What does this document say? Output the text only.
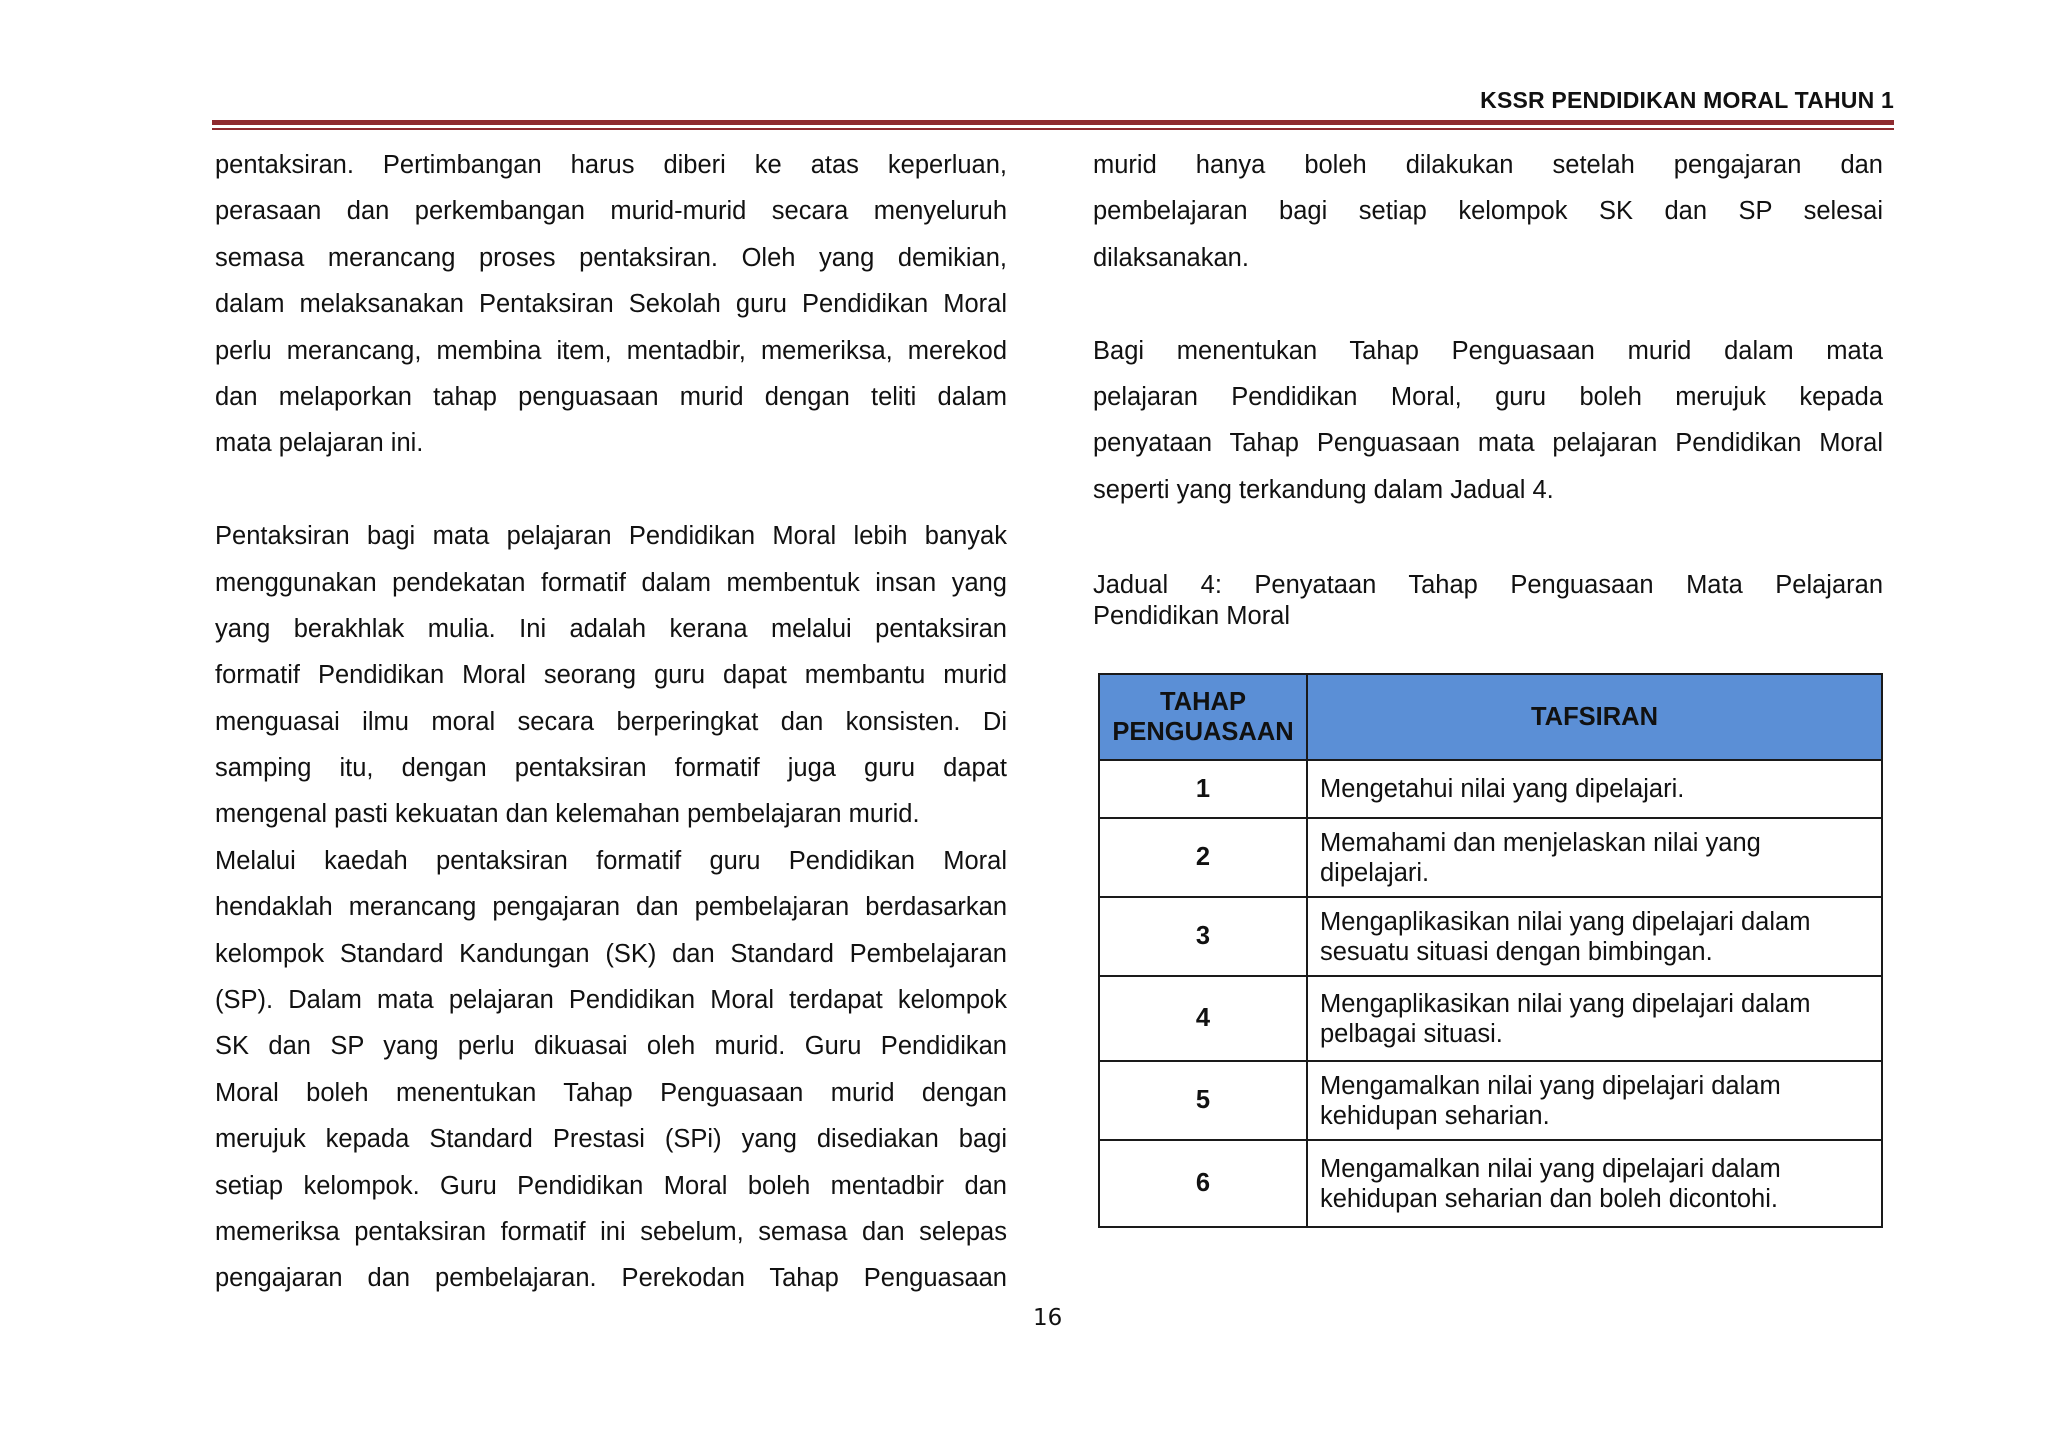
KSSR PENDIDIKAN MORAL TAHUN 1

pentaksiran. Pertimbangan harus diberi ke atas keperluan,

perasaan dan perkembangan murid-murid secara menyeluruh

semasa merancang proses pentaksiran. Oleh yang demikian,

dalam melaksanakan Pentaksiran Sekolah guru Pendidikan Moral

perlu merancang, membina item, mentadbir, memeriksa, merekod

dan melaporkan tahap penguasaan murid dengan teliti dalam

mata pelajaran ini.

Pentaksiran bagi mata pelajaran Pendidikan Moral lebih banyak

menggunakan pendekatan formatif dalam membentuk insan yang

yang berakhlak mulia. Ini adalah kerana melalui pentaksiran

formatif Pendidikan Moral seorang guru dapat membantu murid

menguasai ilmu moral secara berperingkat dan konsisten. Di

samping itu, dengan pentaksiran formatif juga guru dapat

mengenal pasti kekuatan dan kelemahan pembelajaran murid.

Melalui kaedah pentaksiran formatif guru Pendidikan Moral

hendaklah merancang pengajaran dan pembelajaran berdasarkan

kelompok Standard Kandungan (SK) dan Standard Pembelajaran

(SP). Dalam mata pelajaran Pendidikan Moral terdapat kelompok

SK dan SP yang perlu dikuasai oleh murid. Guru Pendidikan

Moral boleh menentukan Tahap Penguasaan murid dengan

merujuk kepada Standard Prestasi (SPi) yang disediakan bagi

setiap kelompok. Guru Pendidikan Moral boleh mentadbir dan

memeriksa pentaksiran formatif ini sebelum, semasa dan selepas

pengajaran dan pembelajaran. Perekodan Tahap Penguasaan

murid hanya boleh dilakukan setelah pengajaran dan

pembelajaran bagi setiap kelompok SK dan SP selesai

dilaksanakan.

Bagi menentukan Tahap Penguasaan murid dalam mata

pelajaran Pendidikan Moral, guru boleh merujuk kepada

penyataan Tahap Penguasaan mata pelajaran Pendidikan Moral

seperti yang terkandung dalam Jadual 4.

Jadual 4: Penyataan Tahap Penguasaan Mata Pelajaran
Pendidikan Moral
TAHAP
PENGUASAAN	TAFSIRAN
1	Mengetahui nilai yang dipelajari.

2	Memahami dan menjelaskan nilai yang
dipelajari.

3	Mengaplikasikan nilai yang dipelajari dalam
sesuatu situasi dengan bimbingan.

4	Mengaplikasikan nilai yang dipelajari dalam
pelbagai situasi.

5	Mengamalkan nilai yang dipelajari dalam
kehidupan seharian.

6	Mengamalkan nilai yang dipelajari dalam
kehidupan seharian dan boleh dicontohi.
16
